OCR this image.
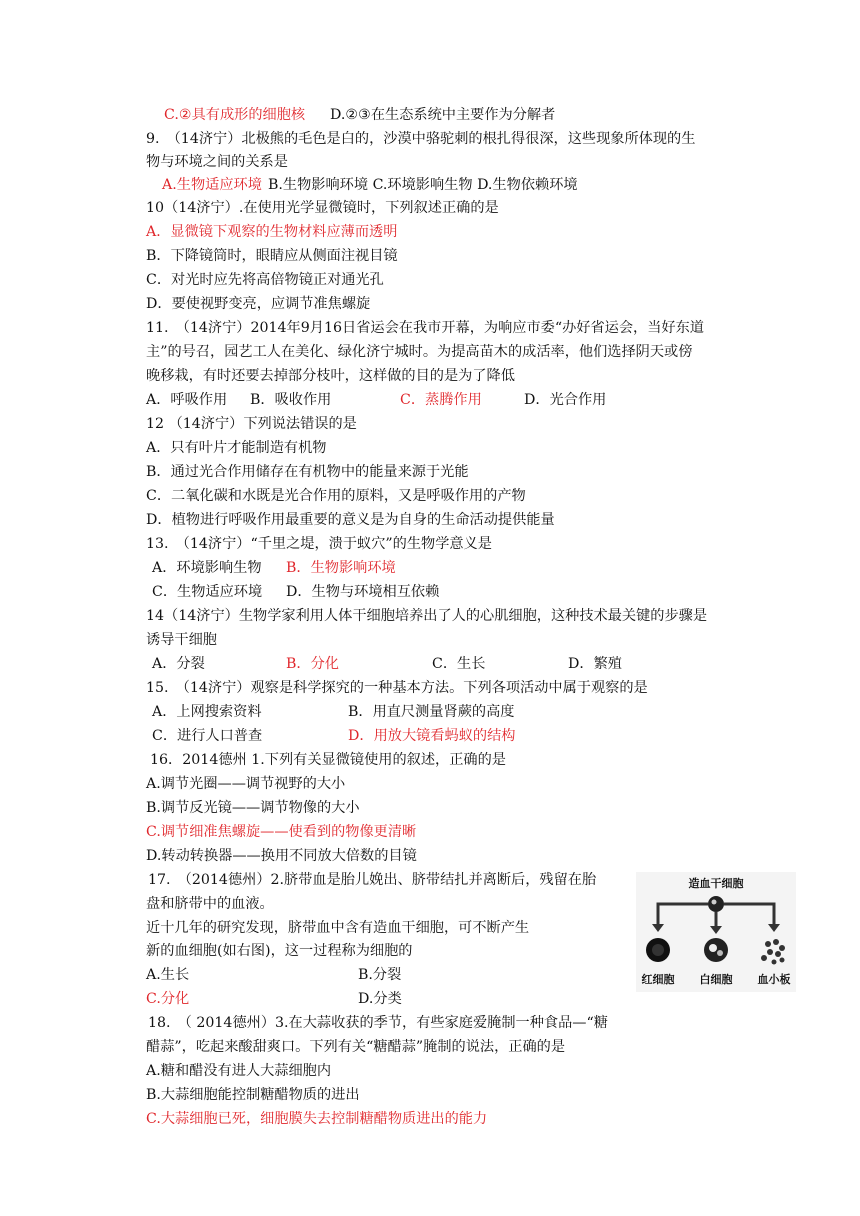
C.②具有成形的细胞核 D.②③在生态系统中主要作为分解者
9.　（14济宁）北极熊的毛色是白的，沙漠中骆驼刺的根扎得很深，这些现象所体现的生
物与环境之间的关系是
A.生物适应环境 B.生物影响环境 C.环境影响生物 D.生物依赖环境
10（14济宁）.在使用光学显微镜时，下列叙述正确的是
A．显微镜下观察的生物材料应薄而透明
B．下降镜筒时，眼睛应从侧面注视目镜
C．对光时应先将高倍物镜正对通光孔
D．要使视野变亮，应调节准焦螺旋
11.　（14济宁）2014年9月16日省运会在我市开幕，为响应市委“办好省运会，当好东道
主”的号召，园艺工人在美化、绿化济宁城时。为提高苗木的成活率，他们选择阴天或傍
晚移栽，有时还要去掉部分枝叶，这样做的目的是为了降低
A．呼吸作用 B．吸收作用	C．蒸腾作用	D．光合作用
12 （14济宁）下列说法错误的是
A．只有叶片才能制造有机物
B．通过光合作用储存在有机物中的能量来源于光能
C．二氧化碳和水既是光合作用的原料，又是呼吸作用的产物
D．植物进行呼吸作用最重要的意义是为自身的生命活动提供能量
13.　（14济宁）“千里之堤，溃于蚁穴”的生物学意义是
A．环境影响生物 B．生物影响环境
C．生物适应环境 D．生物与环境相互依赖
14（14济宁）生物学家利用人体干细胞培养出了人的心肌细胞，这种技术最关键的步骤是
诱导干细胞
A．分裂	B．分化	C．生长	D．繁殖
15.　（14济宁）观察是科学探究的一种基本方法。下列各项活动中属于观察的是
A．上网搜索资料	B．用直尺测量肾蕨的高度
C．进行人口普查	D．用放大镜看蚂蚁的结构
16．2014德州 1.下列有关显微镜使用的叙述，正确的是
A.调节光圈——调节视野的大小
B.调节反光镜——调节物像的大小
C.调节细准焦螺旋——使看到的物像更清晰
D.转动转换器——换用不同放大倍数的目镜
17.　（2014德州）2.脐带血是胎儿娩出、脐带结扎并离断后，残留在胎
盘和脐带中的血液。
近十几年的研究发现，脐带血中含有造血干细胞，可不断产生
新的血细胞(如右图)，这一过程称为细胞的
A.生长	B.分裂
C.分化	D.分类
18.　（ 2014德州）3.在大蒜收获的季节，有些家庭爱腌制一种食品—“糖
醋蒜”，吃起来酸甜爽口。下列有关“糖醋蒜”腌制的说法，正确的是
A.糖和醋没有进人大蒜细胞内
B.大蒜细胞能控制糖醋物质的进出
C.大蒜细胞已死，细胞膜失去控制糖醋物质进出的能力
造血干细胞
红细胞 白细胞 血小板
